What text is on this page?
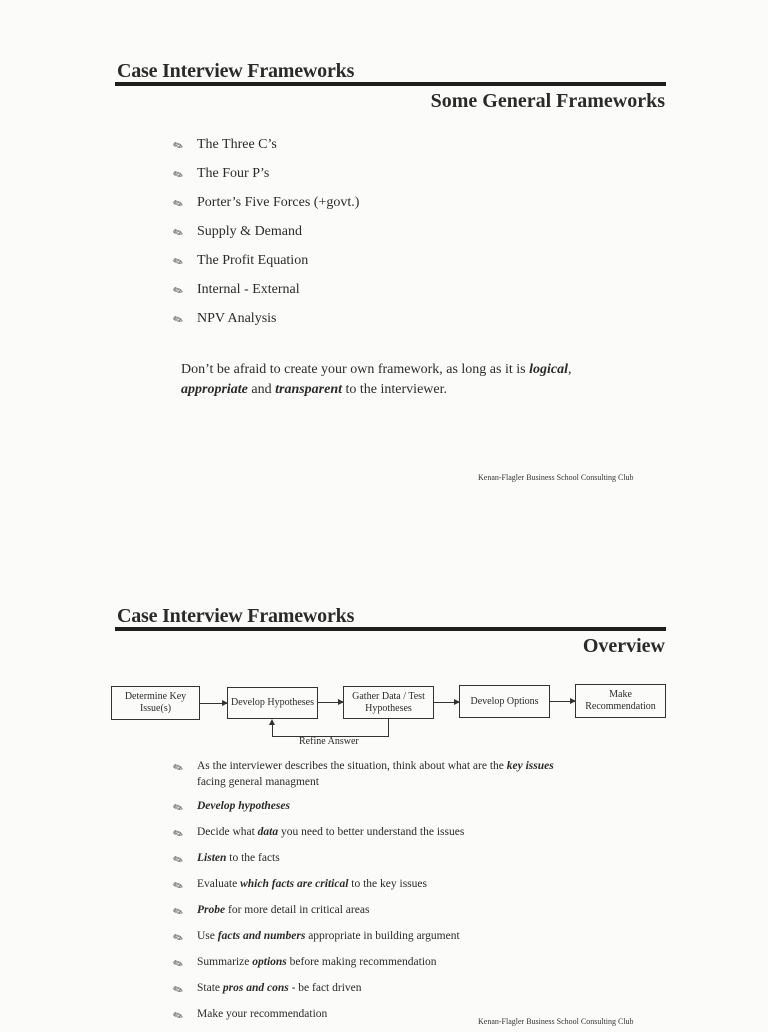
Case Interview Frameworks
Some General Frameworks
✎ The Three C’s
✎ The Four P’s
✎ Porter’s Five Forces (+govt.)
✎ Supply & Demand
✎ The Profit Equation
✎ Internal - External
✎ NPV Analysis

Don’t be afraid to create your own framework, as long as it is logical,
appropriate and transparent to the interviewer.

Kenan-Flagler Business School Consulting Club
Case Interview Frameworks
Overview
Determine Key Issue(s)
Develop Hypotheses
Gather Data / Test Hypotheses
Develop Options
Make Recommendation
Refine Answer
✎ As the interviewer describes the situation, think about what are the key issues
facing general managment
✎ Develop hypotheses
✎ Decide what data you need to better understand the issues
✎ Listen to the facts
✎ Evaluate which facts are critical to the key issues
✎ Probe for more detail in critical areas
✎ Use facts and numbers appropriate in building argument
✎ Summarize options before making recommendation
✎ State pros and cons - be fact driven
✎ Make your recommendation
Kenan-Flagler Business School Consulting Club
